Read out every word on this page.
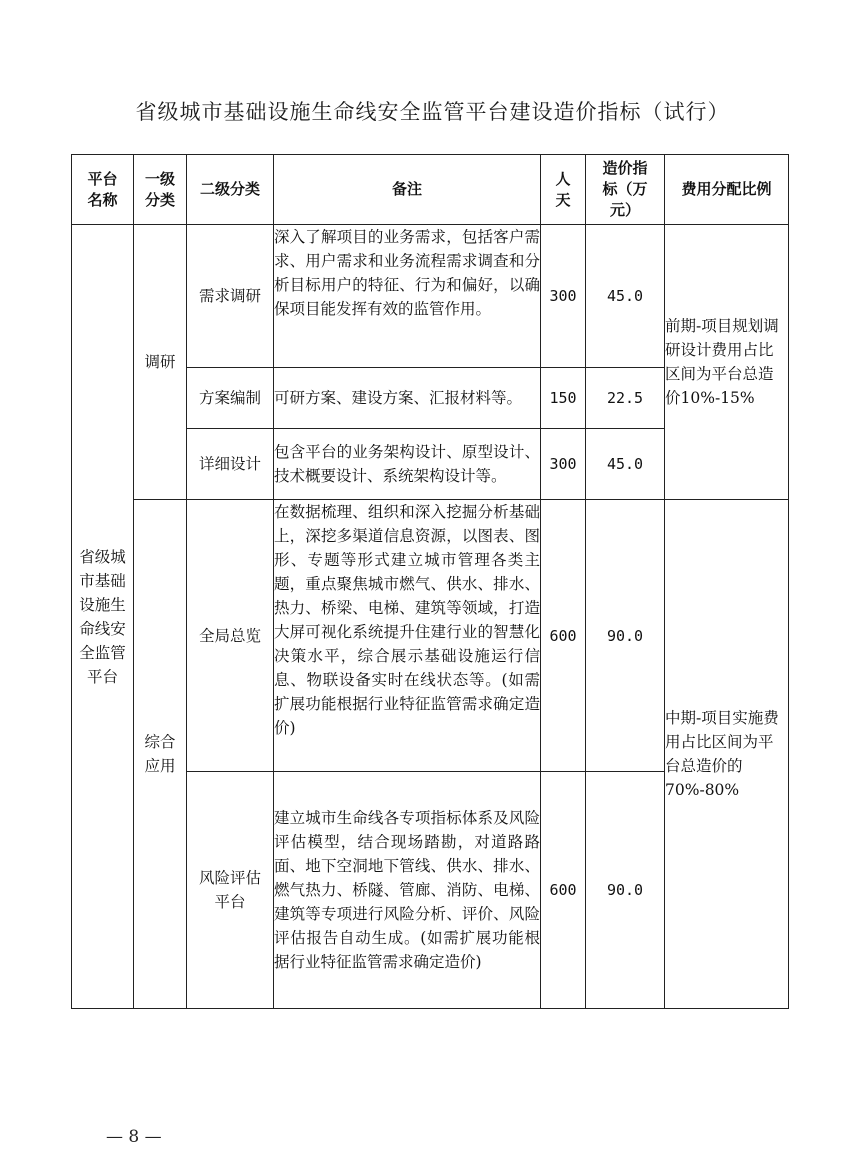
省级城市基础设施生命线安全监管平台建设造价指标（试行）
平台名称	一级分类	二级分类	备注	人天	造价指标（万元）	费用分配比例
省级城市基础设施生命线安全监管平台	调研	需求调研	深入了解项目的业务需求，包括客户需求、用户需求和业务流程需求调查和分析目标用户的特征、行为和偏好，以确保项目能发挥有效的监管作用。	300	45.0	前期-项目规划调研设计费用占比区间为平台总造价10%-15%
		方案编制	可研方案、建设方案、汇报材料等。	150	22.5	
		详细设计	包含平台的业务架构设计、原型设计、技术概要设计、系统架构设计等。	300	45.0	
	综合应用	全局总览	在数据梳理、组织和深入挖掘分析基础上，深挖多渠道信息资源，以图表、图形、专题等形式建立城市管理各类主题，重点聚焦城市燃气、供水、排水、热力、桥梁、电梯、建筑等领域，打造大屏可视化系统提升住建行业的智慧化决策水平，综合展示基础设施运行信息、物联设备实时在线状态等。(如需扩展功能根据行业特征监管需求确定造价)	600	90.0	中期-项目实施费用占比区间为平台总造价的70%-80%
		风险评估平台	建立城市生命线各专项指标体系及风险评估模型，结合现场踏勘，对道路路面、地下空洞地下管线、供水、排水、燃气热力、桥隧、管廊、消防、电梯、建筑等专项进行风险分析、评价、风险评估报告自动生成。(如需扩展功能根据行业特征监管需求确定造价)	600	90.0	
— 8 —
